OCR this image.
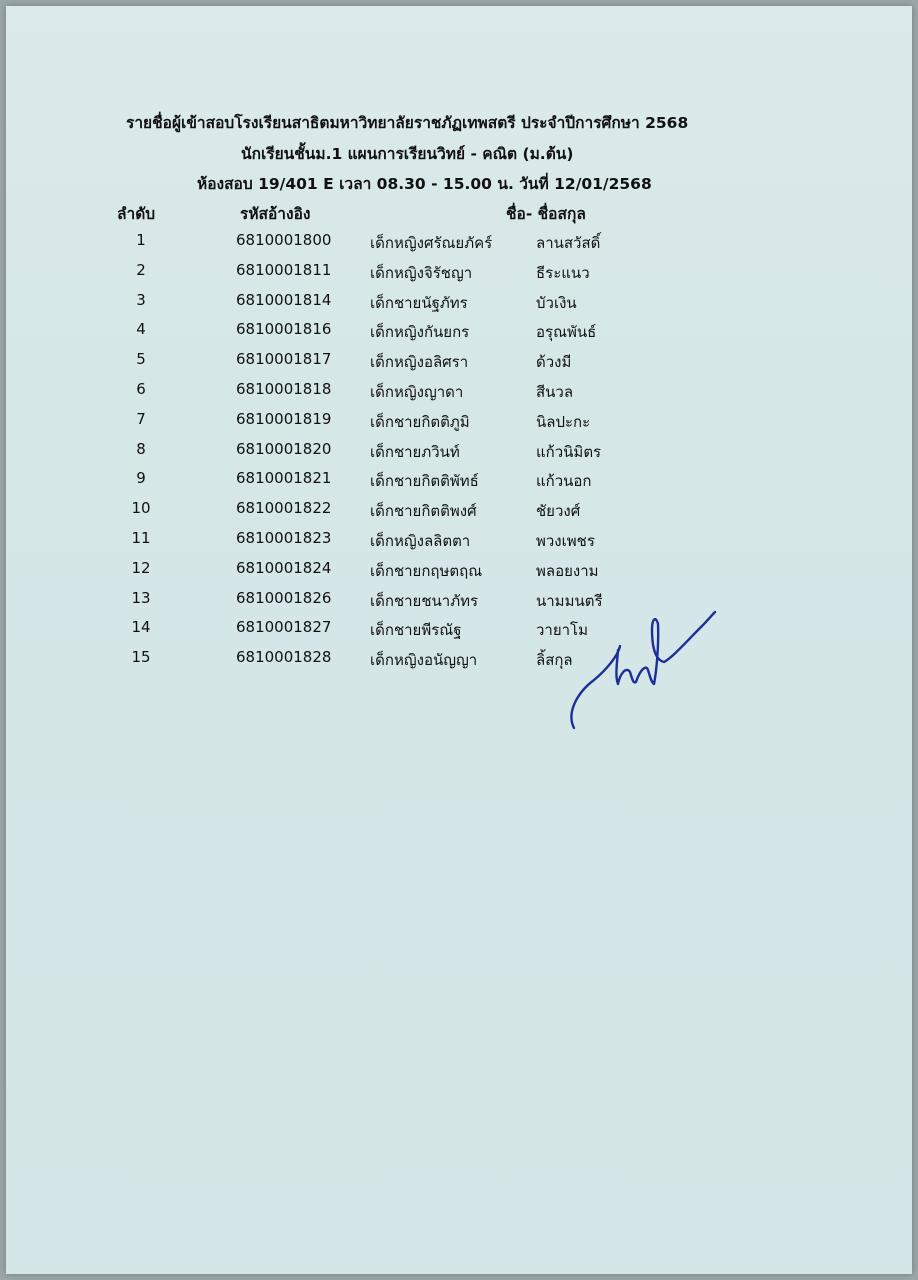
รายชื่อผู้เข้าสอบโรงเรียนสาธิตมหาวิทยาลัยราชภัฏเทพสตรี ประจำปีการศึกษา 2568
นักเรียนชั้นม.1 แผนการเรียนวิทย์ - คณิต (ม.ต้น)
ห้องสอบ 19/401 E เวลา 08.30 - 15.00 น. วันที่ 12/01/2568
ลำดับ	รหัสอ้างอิง	ชื่อ- ชื่อสกุล
1	6810001800	เด็กหญิงศรัณยภัคร์	ลานสวัสดิ์
2	6810001811	เด็กหญิงจิรัชญา	ธีระแนว
3	6810001814	เด็กชายนัฐภัทร	บัวเงิน
4	6810001816	เด็กหญิงกันยกร	อรุณพันธ์
5	6810001817	เด็กหญิงอลิศรา	ด้วงมี
6	6810001818	เด็กหญิงญาดา	สีนวล
7	6810001819	เด็กชายกิตติภูมิ	นิลปะกะ
8	6810001820	เด็กชายภวินท์	แก้วนิมิตร
9	6810001821	เด็กชายกิตติพัทธ์	แก้วนอก
10	6810001822	เด็กชายกิตติพงศ์	ชัยวงศ์
11	6810001823	เด็กหญิงลลิตตา	พวงเพชร
12	6810001824	เด็กชายกฤษตฤณ	พลอยงาม
13	6810001826	เด็กชายชนาภัทร	นามมนตรี
14	6810001827	เด็กชายพีรณัฐ	วายาโม
15	6810001828	เด็กหญิงอนัญญา	ลิ้สกุล
